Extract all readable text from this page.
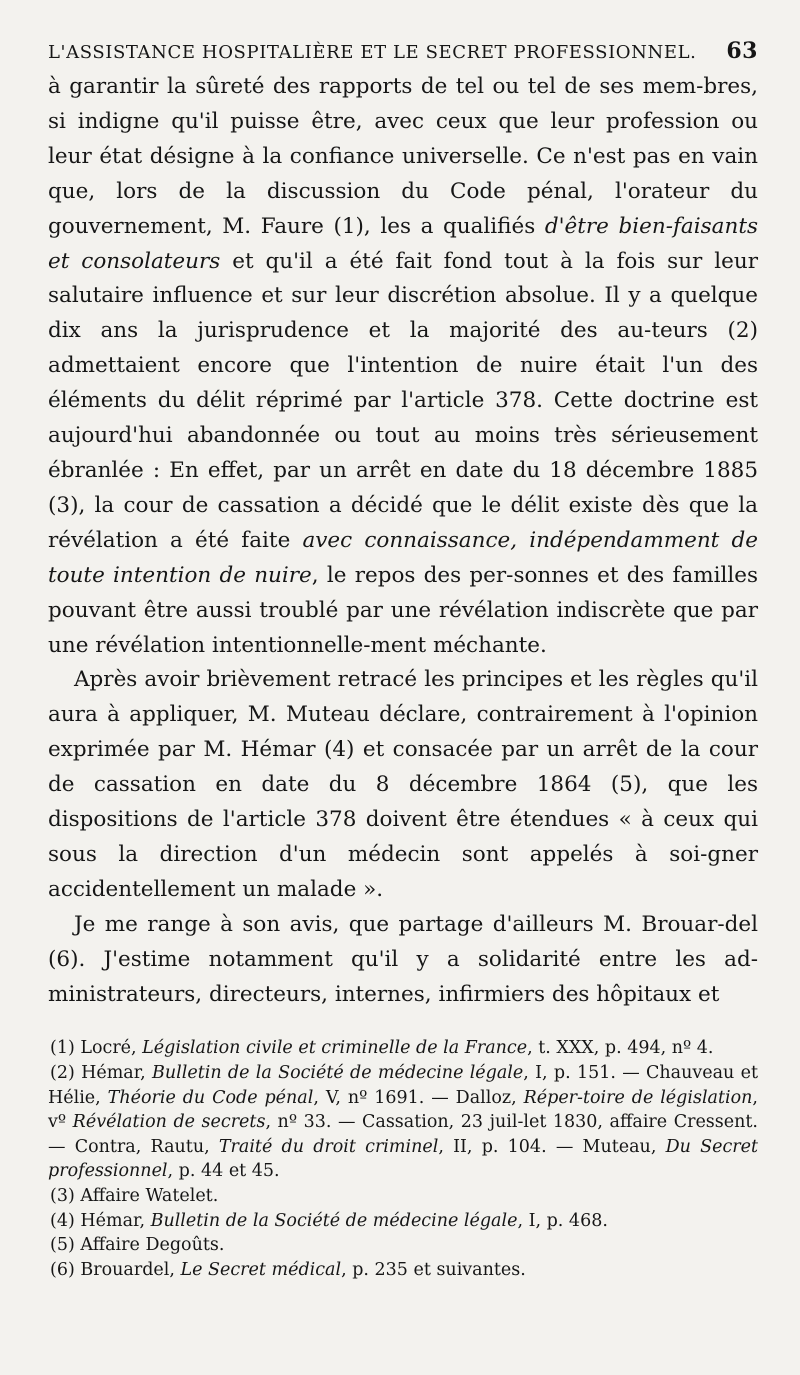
L'ASSISTANCE HOSPITALIÈRE ET LE SECRET PROFESSIONNEL. 63

à garantir la sûreté des rapports de tel ou tel de ses mem-bres, si indigne qu'il puisse être, avec ceux que leur profession ou leur état désigne à la confiance universelle. Ce n'est pas en vain que, lors de la discussion du Code pénal, l'orateur du gouvernement, M. Faure (1), les a qualifiés d'être bien-faisants et consolateurs et qu'il a été fait fond tout à la fois sur leur salutaire influence et sur leur discrétion absolue. Il y a quelque dix ans la jurisprudence et la majorité des au-teurs (2) admettaient encore que l'intention de nuire était l'un des éléments du délit réprimé par l'article 378. Cette doctrine est aujourd'hui abandonnée ou tout au moins très sérieusement ébranlée : En effet, par un arrêt en date du 18 décembre 1885 (3), la cour de cassation a décidé que le délit existe dès que la révélation a été faite avec connaissance, indépendamment de toute intention de nuire, le repos des per-sonnes et des familles pouvant être aussi troublé par une révélation indiscrète que par une révélation intentionnelle-ment méchante.

Après avoir brièvement retracé les principes et les règles qu'il aura à appliquer, M. Muteau déclare, contrairement à l'opinion exprimée par M. Hémar (4) et consacée par un arrêt de la cour de cassation en date du 8 décembre 1864 (5), que les dispositions de l'article 378 doivent être étendues « à ceux qui sous la direction d'un médecin sont appelés à soi-gner accidentellement un malade ».

Je me range à son avis, que partage d'ailleurs M. Brouar-del (6). J'estime notamment qu'il y a solidarité entre les ad-ministrateurs, directeurs, internes, infirmiers des hôpitaux et

(1) Locré, Législation civile et criminelle de la France, t. XXX, p. 494, nº 4.

(2) Hémar, Bulletin de la Société de médecine légale, I, p. 151. — Chauveau et Hélie, Théorie du Code pénal, V, nº 1691. — Dalloz, Réper-toire de législation, vº Révélation de secrets, nº 33. — Cassation, 23 juil-let 1830, affaire Cressent. — Contra, Rautu, Traité du droit criminel, II, p. 104. — Muteau, Du Secret professionnel, p. 44 et 45.

(3) Affaire Watelet.

(4) Hémar, Bulletin de la Société de médecine légale, I, p. 468.

(5) Affaire Degoûts.

(6) Brouardel, Le Secret médical, p. 235 et suivantes.
